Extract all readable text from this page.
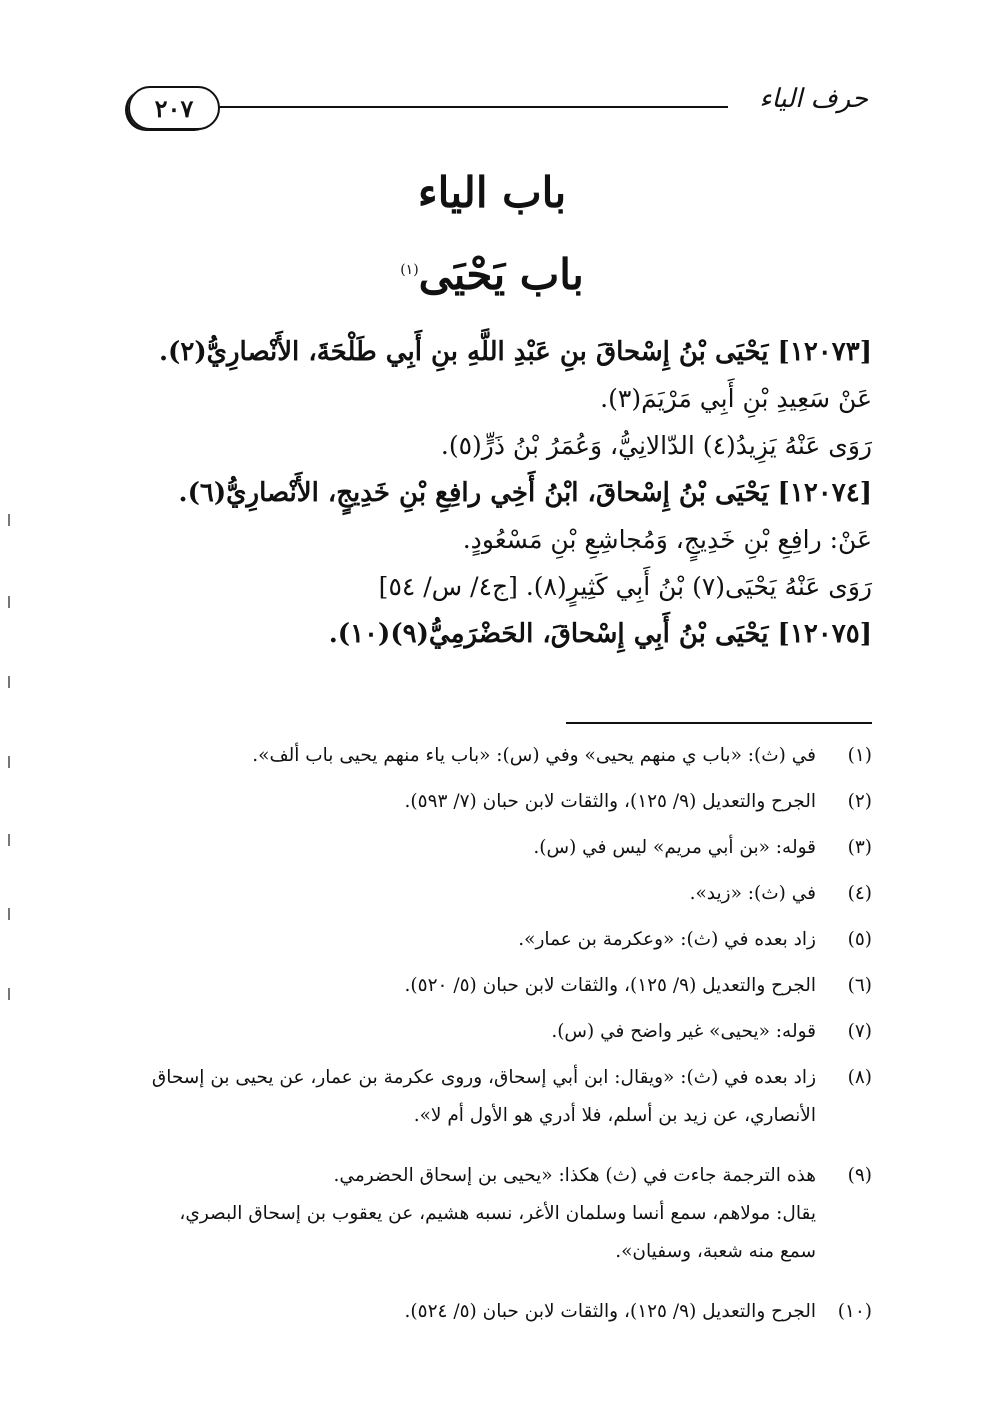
٢٠٧	حرف الياء
باب الياء
باب يَحْيَى$^{(١)}$
[١٢٠٧٣] يَحْيَى بْنُ إِسْحاقَ بنِ عَبْدِ اللَّهِ بنِ أَبِي طَلْحَةَ، الأَنْصارِيُّ(٢).
عَنْ سَعِيدِ بْنِ أَبِي مَرْيَمَ(٣).
رَوَى عَنْهُ يَزِيدُ(٤) الدّالانِيُّ، وَعُمَرُ بْنُ ذَرٍّ(٥).
[١٢٠٧٤] يَحْيَى بْنُ إِسْحاقَ، ابْنُ أَخِي رافِعِ بْنِ خَدِيجٍ، الأَنْصارِيُّ(٦).
عَنْ: رافِعِ بْنِ خَدِيجٍ، وَمُجاشِعِ بْنِ مَسْعُودٍ.
رَوَى عَنْهُ يَحْيَى(٧) بْنُ أَبِي كَثِيرٍ(٨). [ج٤/ س/ ٥٤]
[١٢٠٧٥] يَحْيَى بْنُ أَبِي إِسْحاقَ، الحَضْرَمِيُّ(٩)(١٠).
(١)
في (ث): «باب ي منهم يحيى» وفي (س): «باب ياء منهم يحيى باب ألف».
(٢)
الجرح والتعديل (٩/ ١٢٥)، والثقات لابن حبان (٧/ ٥٩٣).
(٣)
قوله: «بن أبي مريم» ليس في (س).
(٤)
في (ث): «زيد».
(٥)
زاد بعده في (ث): «وعكرمة بن عمار».
(٦)
الجرح والتعديل (٩/ ١٢٥)، والثقات لابن حبان (٥/ ٥٢٠).
(٧)
قوله: «يحيى» غير واضح في (س).
(٨)
زاد بعده في (ث): «ويقال: ابن أبي إسحاق، وروى عكرمة بن عمار، عن يحيى بن إسحاق
الأنصاري، عن زيد بن أسلم، فلا أدري هو الأول أم لا».
(٩)
هذه الترجمة جاءت في (ث) هكذا: «يحيى بن إسحاق الحضرمي.
يقال: مولاهم، سمع أنسا وسلمان الأغر، نسبه هشيم، عن يعقوب بن إسحاق البصري،
سمع منه شعبة، وسفيان».
(١٠)
الجرح والتعديل (٩/ ١٢٥)، والثقات لابن حبان (٥/ ٥٢٤).
